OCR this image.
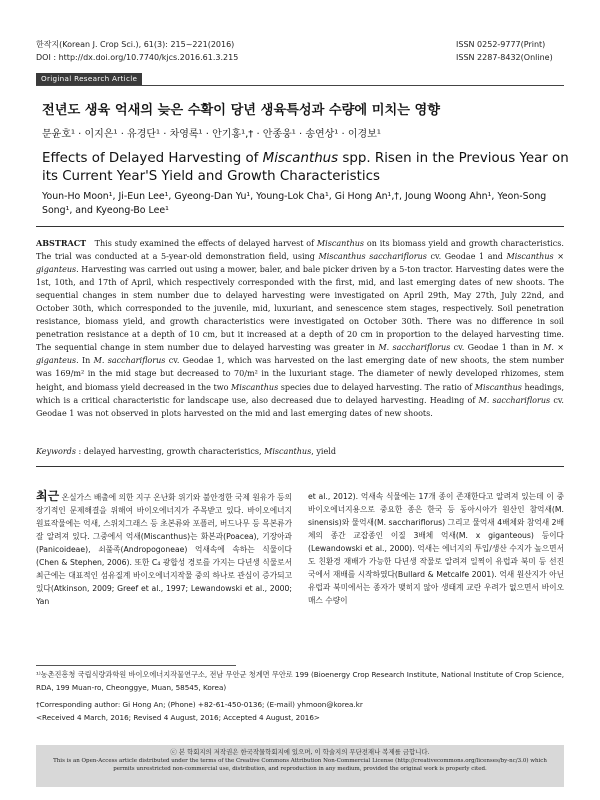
한작지(Korean J. Crop Sci.), 61(3): 215~221(2016)
DOI : http://dx.doi.org/10.7740/kjcs.2016.61.3.215
ISSN 0252-9777(Print)
ISSN 2287-8432(Online)
Original Research Article
전년도 생육 억새의 늦은 수확이 당년 생육특성과 수량에 미치는 영향
문윤호¹ · 이지은¹ · 유경단¹ · 차영록¹ · 안기홍¹,† · 안종웅¹ · 송연상¹ · 이경보¹
Effects of Delayed Harvesting of Miscanthus spp. Risen in the Previous Year on its Current Year'S Yield and Growth Characteristics
Youn-Ho Moon¹, Ji-Eun Lee¹, Gyeong-Dan Yu¹, Young-Lok Cha¹, Gi Hong An¹,†, Joung Woong Ahn¹, Yeon-Song Song¹, and Kyeong-Bo Lee¹
ABSTRACT This study examined the effects of delayed harvest of Miscanthus on its biomass yield and growth characteristics. The trial was conducted at a 5-year-old demonstration field, using Miscanthus sacchariflorus cv. Geodae 1 and Miscanthus × giganteus. Harvesting was carried out using a mower, baler, and bale picker driven by a 5-ton tractor. Harvesting dates were the 1st, 10th, and 17th of April, which respectively corresponded with the first, mid, and last emerging dates of new shoots. The sequential changes in stem number due to delayed harvesting were investigated on April 29th, May 27th, July 22nd, and October 30th, which corresponded to the juvenile, mid, luxuriant, and senescence stem stages, respectively. Soil penetration resistance, biomass yield, and growth characteristics were investigated on October 30th. There was no difference in soil penetration resistance at a depth of 10 cm, but it increased at a depth of 20 cm in proportion to the delayed harvesting time. The sequential change in stem number due to delayed harvesting was greater in M. sacchariflorus cv. Geodae 1 than in M. × giganteus. In M. sacchariflorus cv. Geodae 1, which was harvested on the last emerging date of new shoots, the stem number was 169/m² in the mid stage but decreased to 70/m² in the luxuriant stage. The diameter of newly developed rhizomes, stem height, and biomass yield decreased in the two Miscanthus species due to delayed harvesting. The ratio of Miscanthus headings, which is a critical characteristic for landscape use, also decreased due to delayed harvesting. Heading of M. sacchariflorus cv. Geodae 1 was not observed in plots harvested on the mid and last emerging dates of new shoots.
Keywords : delayed harvesting, growth characteristics, Miscanthus, yield
최근 온실가스 배출에 의한 지구 온난화 위기와 불안정한 국제 원유가 등의 장기적인 문제해결을 위해여 바이오에너지가 주목받고 있다. 바이오에너지 원료작물에는 억새, 스위치그래스 등 초본류와 포플러, 버드나무 등 목본류가 잘 알려져 있다. 그중에서 억새(Miscanthus)는 화본과(Poacea), 기장아과(Panicoideae), 쇠풀족(Andropogoneae) 억새속에 속하는 식물이다(Chen & Stephen, 2006). 또한 C₄ 광합성 경로를 가지는 다년생 식물로서 최근에는 대표적인 섬유질계 바이오에너지작물 중의 하나로 관심이 증가되고 있다(Atkinson, 2009; Greef et al., 1997; Lewandowski et al., 2000; Yan
et al., 2012). 억새속 식물에는 17개 종이 존재한다고 알려져 있는데 이 중 바이오에너지용으로 중요한 종은 한국 등 동아시아가 원산인 참억새(M. sinensis)와 물억새(M. sacchariflorus) 그리고 물억새 4배체와 참억새 2배체의 종간 교잡종인 이질 3배체 억새(M. x giganteous) 등이다(Lewandowski et al., 2000). 억새는 에너지의 투입/생산 수지가 높으면서도 친환경 재배가 가능한 다년생 작물로 알려져 일찍이 유럽과 북미 등 선진국에서 재배를 시작하였다(Bullard & Metcalfe 2001). 억새 원산지가 아닌 유럽과 북미에서는 종자가 맺히지 않아 생태계 교란 우려가 없으면서 바이오매스 수량이
¹⁾농촌진흥청 국립식량과학원 바이오에너지작물연구소, 전남 무안군 청계면 무안로 199 (Bioenergy Crop Research Institute, National Institute of Crop Science, RDA, 199 Muan-ro, Cheonggye, Muan, 58545, Korea)
†Corresponding author: Gi Hong An; (Phone) +82-61-450-0136; (E-mail) yhmoon@korea.kr
<Received 4 March, 2016; Revised 4 August, 2016; Accepted 4 August, 2016>
ⓒ 본 학회지의 저작권은 한국작물학회지에 있으며, 이 학술지의 무단전재나 복제를 금합니다.
This is an Open-Access article distributed under the terms of the Creative Commons Attribution Non-Commercial License (http://creativecommons.org/licenses/by-nc/3.0) which
permits unrestricted non-commercial use, distribution, and reproduction in any medium, provided the original work is properly cited.
